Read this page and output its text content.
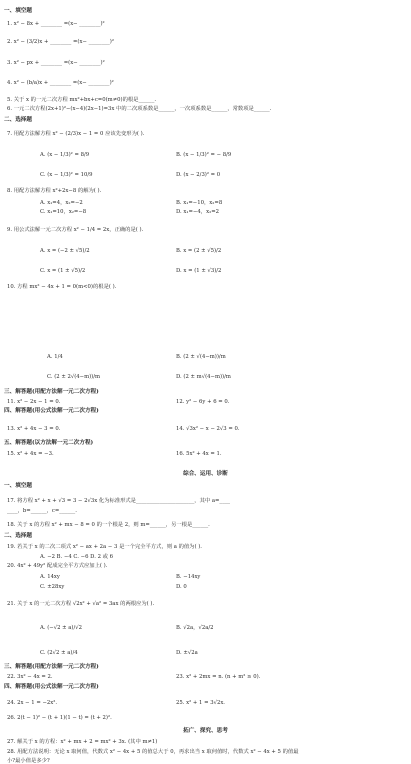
一、填空题
1. x² − 8x + ________ =(x− ________)²
2. x² − (3/2)x + ________ =(x− ________)²
3. x² − px + ________ =(x− ________)²
4. x² − (b/a)x + ________ =(x− ________)²
5. 关于 x 的一元二次方程 mx²+bx+c=0(m≠0)的根是______.
6. 一元二次方程(2x+1)²−(x−4)(2x−1)=3x 中的二次项系数是______，一次项系数是______，常数项是______.
二、选择题
7. 用配方法解方程 x² − (2/3)x − 1 = 0 应该先变形为( ).
A. (x − 1/3)² = 8/9	B. (x − 1/3)² = − 8/9
C. (x − 1/3)² = 10/9	D. (x − 2/3)² = 0
8. 用配方法解方程 x²+2x−8 的解为( ).
A. x₁=4，x₂=−2	B. x₁=−10，x₂=8
C. x₁=10，x₂=−8	D. x₁=−4，x₂=2
9. 用公式法解一元二次方程 x² − 1/4 = 2x，正确的是( ).
A. x = (−2 ± √5)/2	B. x = (2 ± √5)/2
C. x = (1 ± √5)/2	D. x = (1 ± √3)/2
10. 方程 mx² − 4x + 1 = 0(m<0)的根是( ).
A. 1/4	B. (2 ± √(4−m))/m
C. (2 ± 2√(4−m))/m	D. (2 ± m√(4−m))/m
三、解答题(用配方法解一元二次方程)
11. x² − 2x − 1 = 0.	12. y² − 6y + 6 = 0.
四、解答题(用公式法解一元二次方程)
13. x² + 4x − 3 = 0.	14. √3x² − x − 2√3 = 0.
五、解答题(以方法解一元二次方程)
15. x² + 4x = −3.	16. 5x² + 4x = 1.
综合、运用、诊断
一、填空题
17. 将方程 x² + x + √3 = 3 − 2√3x 化为标准形式是______________________，其中 a=____
____，b=______，c=______.
18. 关于 x 的方程 x² + mx − 8 = 0 的一个根是 2，则 m=______，另一根是______.
二、选择题
19. 若关于 x 的二次二项式 x² − ax + 2a − 3 是一个完全平方式，则 a 的值为( ).
A. −2 B. −4 C. −6 D. 2 或 6
20. 4x² + 49y² 配成完全平方式应加上( ).
A. 14xy	B. −14xy
C. ±28xy	D. 0
21. 关于 x 的一元二次方程 √2x² + √a² = 3ax 的两根应为( ).
A. (−√2 ± a)/√2	B. √2a，√2a/2
C. (2√2 ± a)/4	D. ±√2a
三、解答题(用配方法解一元二次方程)
22. 3x² − 4x = 2.	23. x² + 2mx = n. (n + m² ≥ 0).
四、解答题(用公式法解一元二次方程)
24. 2x − 1 = −2x².	25. x² + 1 = 3√2x.
26. 2(t − 1)² − (t + 1)(1 − t) = (t + 2)².
拓广、探究、思考
27. 解关于 x 的方程：x² + mx + 2 = mx² + 3x. (其中 m≠1)
28. 用配方法说明：无论 x 取何值，代数式 x² − 4x + 5 的值总大于 0，再求出当 x 取何值时，代数式 x² − 4x + 5 的值最
小?最小值是多少?
